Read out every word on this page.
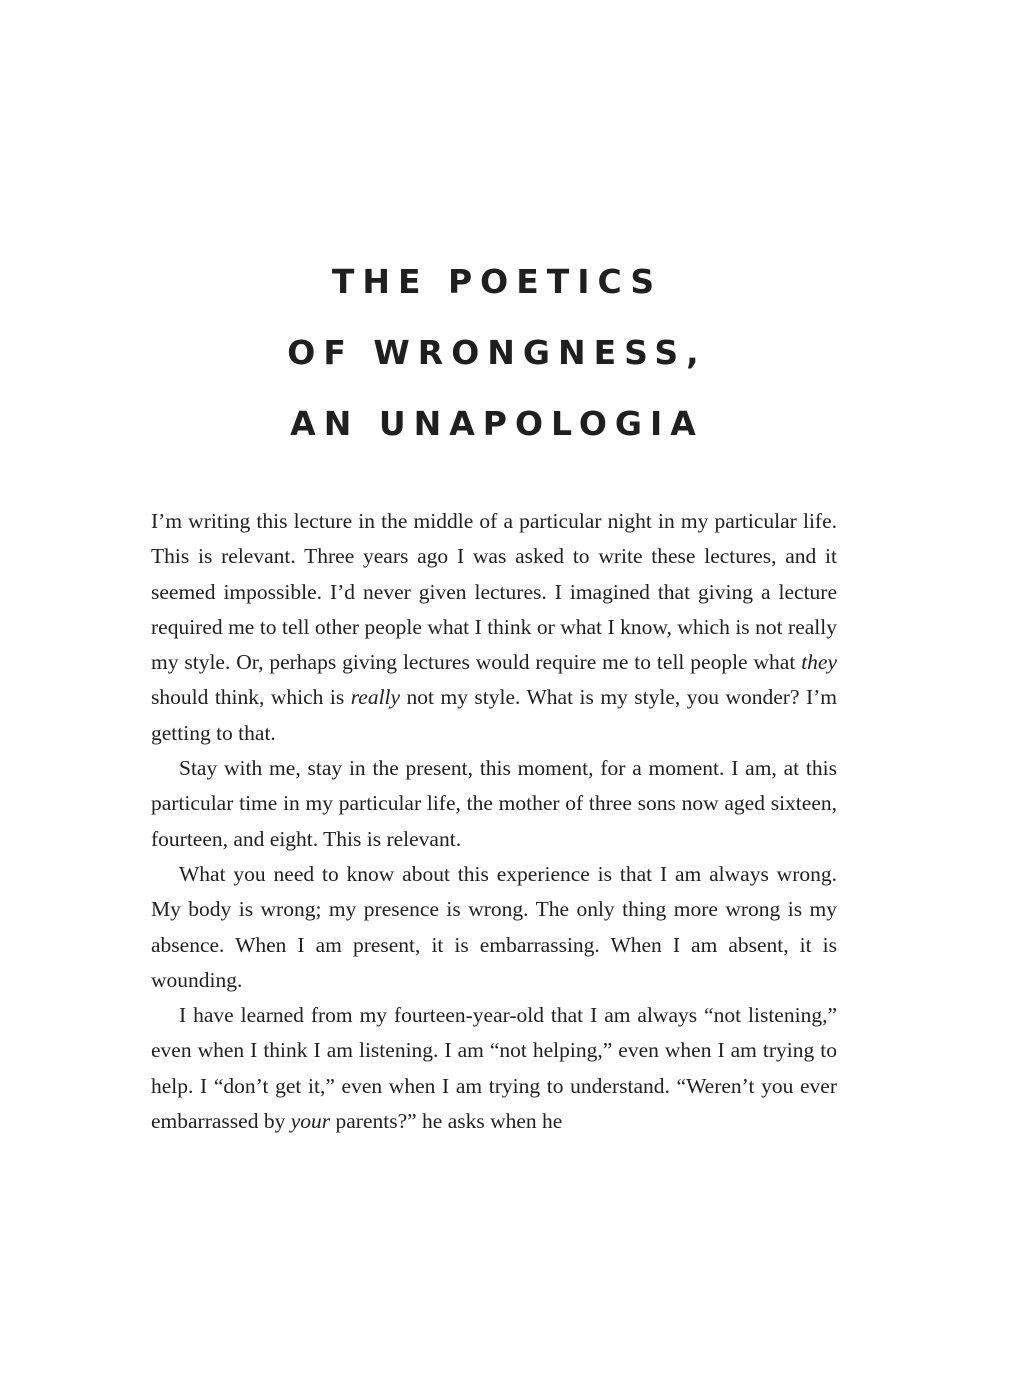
THE POETICS
OF WRONGNESS,
AN UNAPOLOGIA

I’m writing this lecture in the middle of a particular night in my particular life. This is relevant. Three years ago I was asked to write these lectures, and it seemed impossible. I’d never given lectures. I imagined that giving a lecture required me to tell other people what I think or what I know, which is not really my style. Or, perhaps giving lectures would require me to tell people what they should think, which is really not my style. What is my style, you wonder? I’m getting to that.

Stay with me, stay in the present, this moment, for a moment. I am, at this particular time in my particular life, the mother of three sons now aged sixteen, fourteen, and eight. This is relevant.

What you need to know about this experience is that I am always wrong. My body is wrong; my presence is wrong. The only thing more wrong is my absence. When I am present, it is embarrassing. When I am absent, it is wounding.

I have learned from my fourteen-year-old that I am always “not listening,” even when I think I am listening. I am “not helping,” even when I am trying to help. I “don’t get it,” even when I am trying to understand. “Weren’t you ever embarrassed by your parents?” he asks when he
